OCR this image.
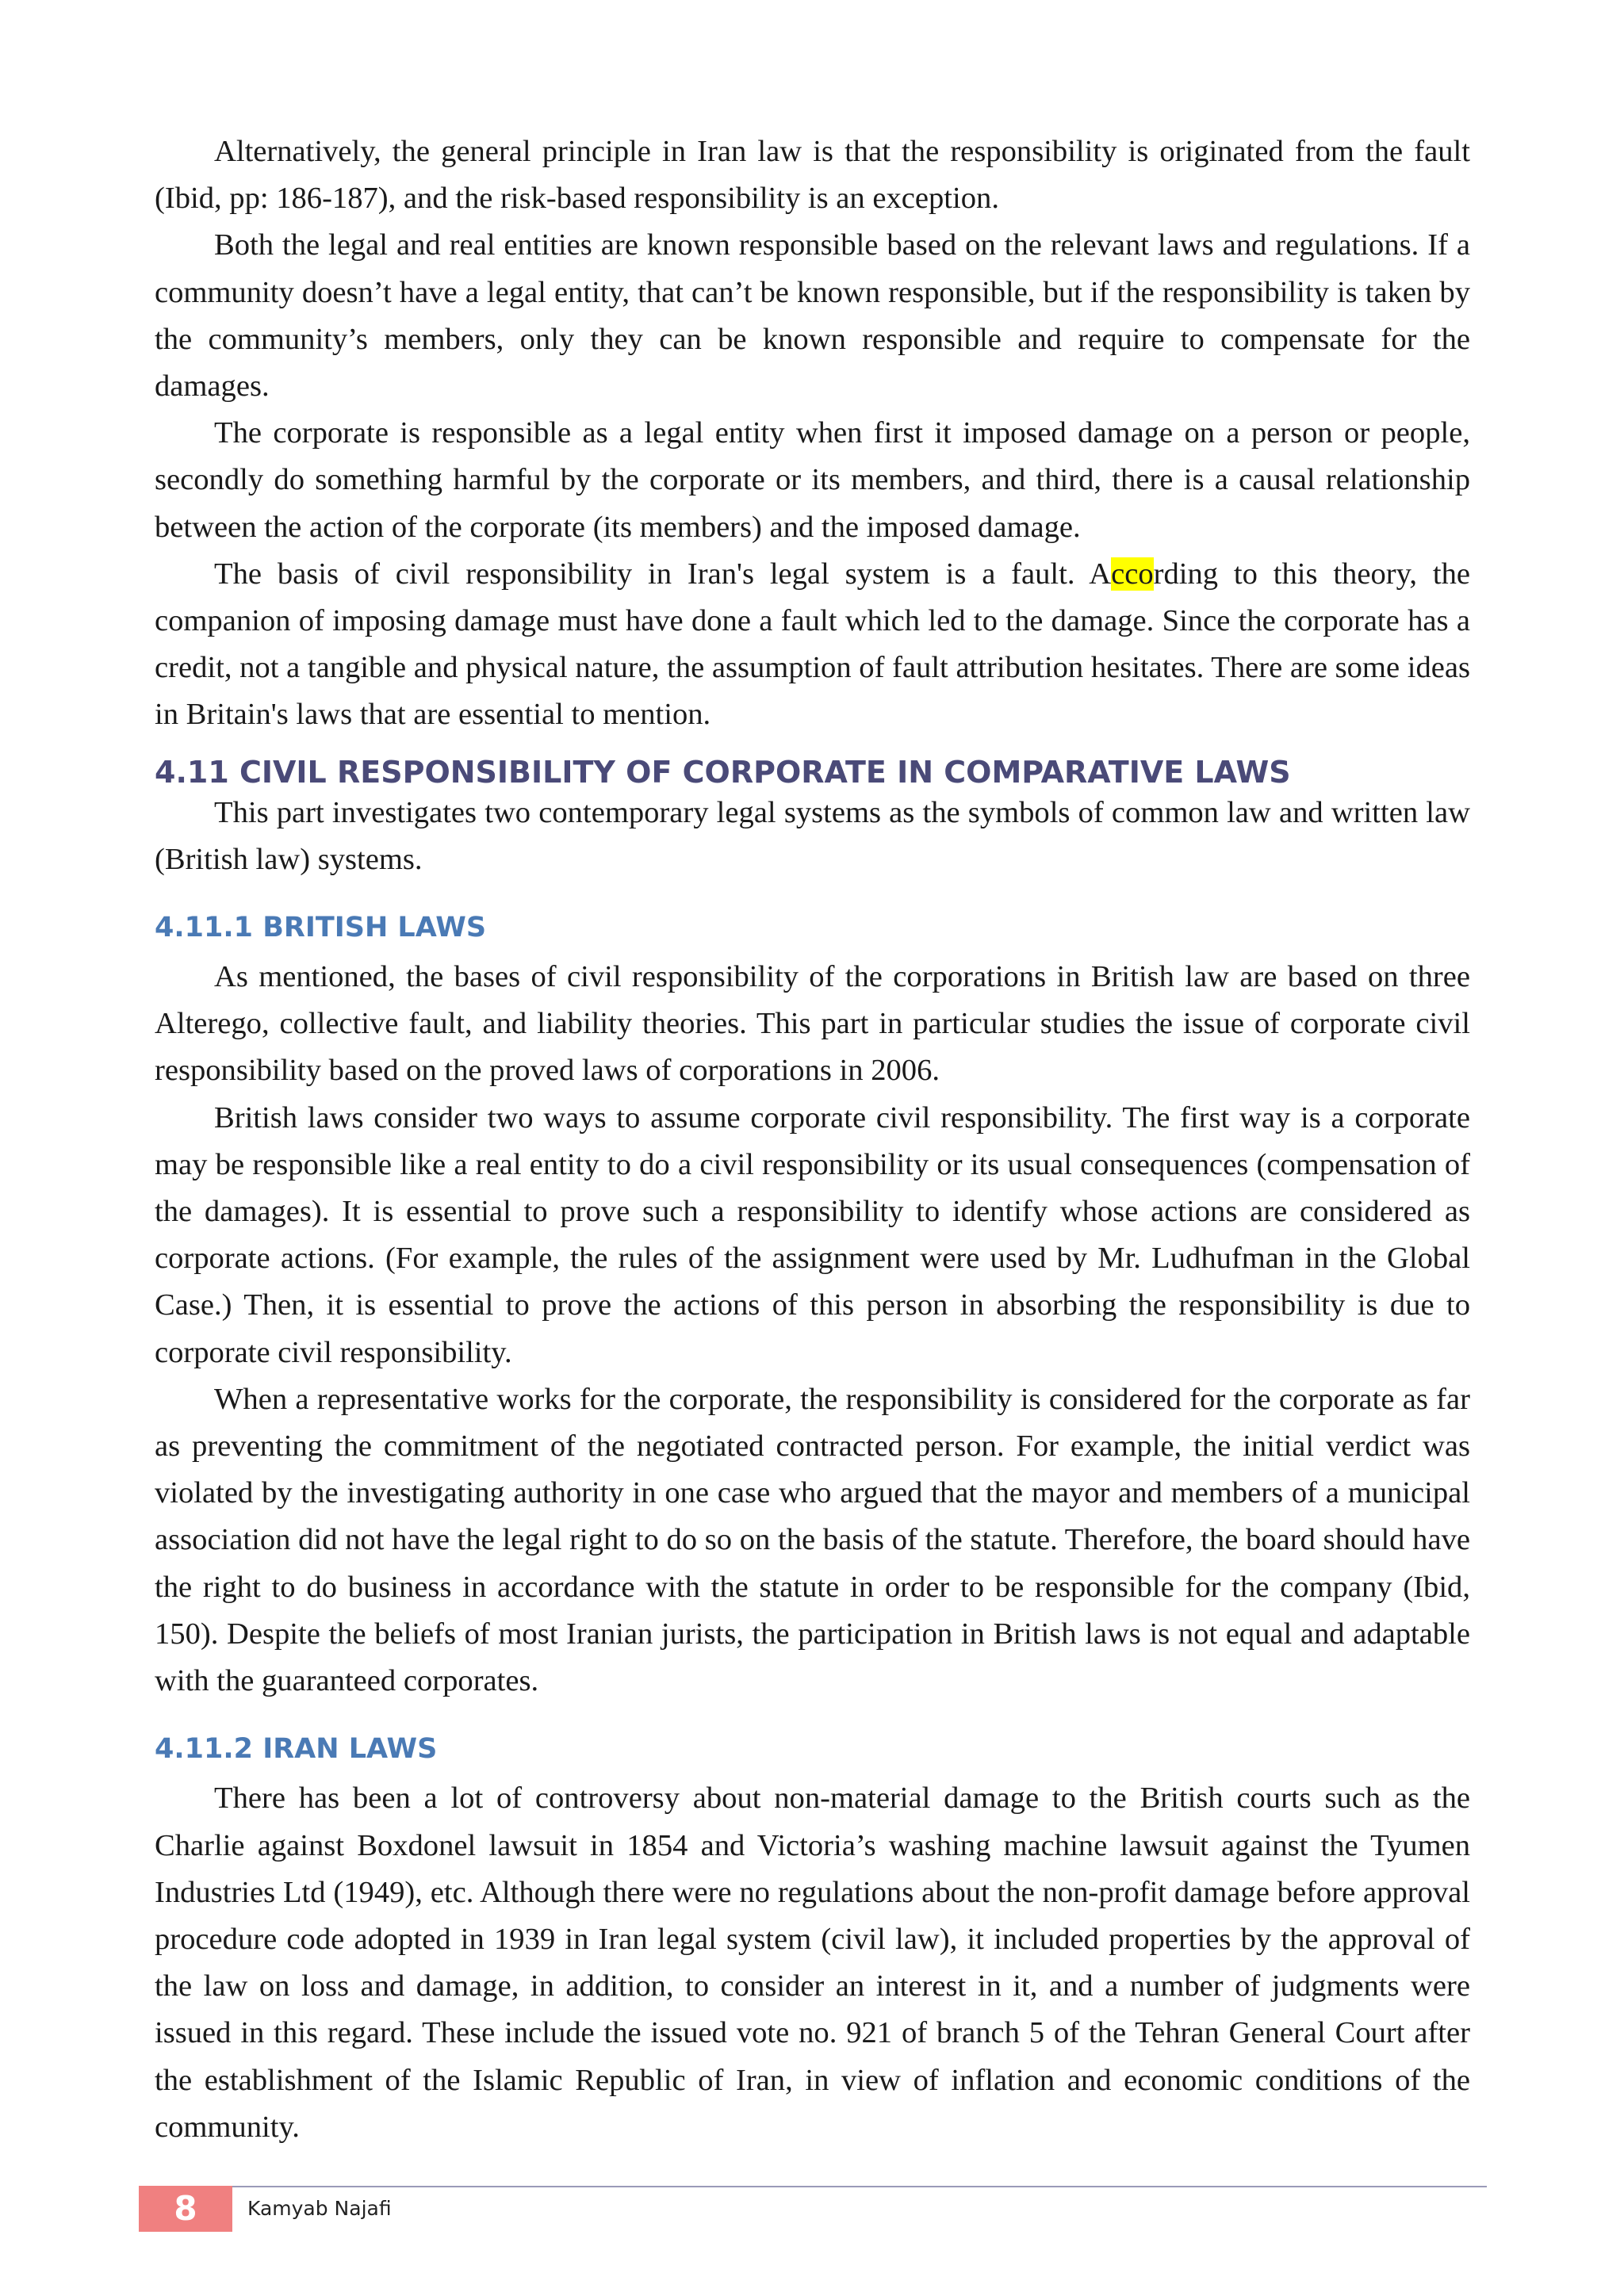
Alternatively, the general principle in Iran law is that the responsibility is originated from the fault (Ibid, pp: 186-187), and the risk-based responsibility is an exception.

Both the legal and real entities are known responsible based on the relevant laws and regulations. If a community doesn’t have a legal entity, that can’t be known responsible, but if the responsibility is taken by the community’s members, only they can be known responsible and require to compensate for the damages.

The corporate is responsible as a legal entity when first it imposed damage on a person or people, secondly do something harmful by the corporate or its members, and third, there is a causal relationship between the action of the corporate (its members) and the imposed damage.

The basis of civil responsibility in Iran's legal system is a fault. According to this theory, the companion of imposing damage must have done a fault which led to the damage. Since the corporate has a credit, not a tangible and physical nature, the assumption of fault attribution hesitates. There are some ideas in Britain's laws that are essential to mention.

4.11 CIVIL RESPONSIBILITY OF CORPORATE IN COMPARATIVE LAWS

This part investigates two contemporary legal systems as the symbols of common law and written law (British law) systems.

4.11.1 BRITISH LAWS

As mentioned, the bases of civil responsibility of the corporations in British law are based on three Alterego, collective fault, and liability theories. This part in particular studies the issue of corporate civil responsibility based on the proved laws of corporations in 2006.

British laws consider two ways to assume corporate civil responsibility. The first way is a corporate may be responsible like a real entity to do a civil responsibility or its usual consequences (compensation of the damages). It is essential to prove such a responsibility to identify whose actions are considered as corporate actions. (For example, the rules of the assignment were used by Mr. Ludhufman in the Global Case.) Then, it is essential to prove the actions of this person in absorbing the responsibility is due to corporate civil responsibility.

When a representative works for the corporate, the responsibility is considered for the corporate as far as preventing the commitment of the negotiated contracted person. For example, the initial verdict was violated by the investigating authority in one case who argued that the mayor and members of a municipal association did not have the legal right to do so on the basis of the statute. Therefore, the board should have the right to do business in accordance with the statute in order to be responsible for the company (Ibid, 150). Despite the beliefs of most Iranian jurists, the participation in British laws is not equal and adaptable with the guaranteed corporates.

4.11.2 IRAN LAWS

There has been a lot of controversy about non-material damage to the British courts such as the Charlie against Boxdonel lawsuit in 1854 and Victoria’s washing machine lawsuit against the Tyumen Industries Ltd (1949), etc. Although there were no regulations about the non-profit damage before approval procedure code adopted in 1939 in Iran legal system (civil law), it included properties by the approval of the law on loss and damage, in addition, to consider an interest in it, and a number of judgments were issued in this regard. These include the issued vote no. 921 of branch 5 of the Tehran General Court after the establishment of the Islamic Republic of Iran, in view of inflation and economic conditions of the community.

8	Kamyab Najafi
